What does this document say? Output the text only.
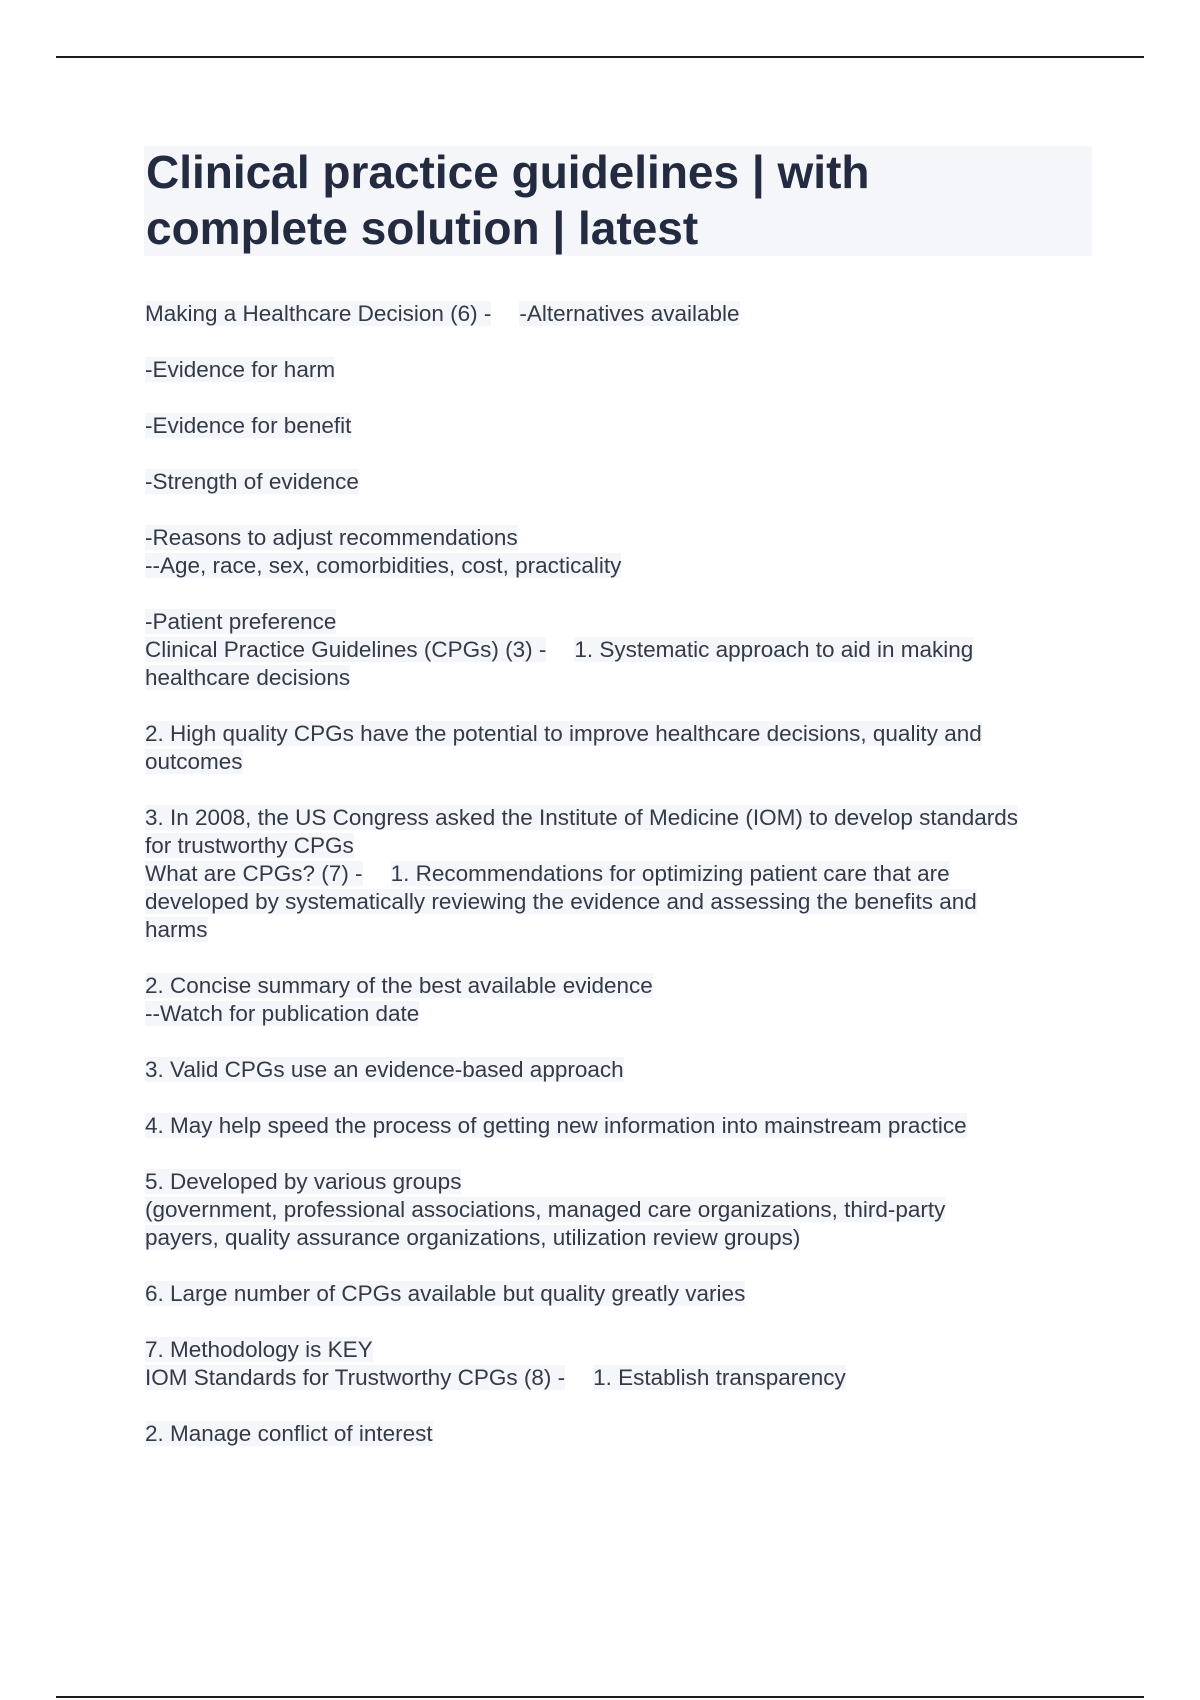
Clinical practice guidelines | with
complete solution | latest
Making a Healthcare Decision (6) - -Alternatives available
-Evidence for harm
-Evidence for benefit
-Strength of evidence
-Reasons to adjust recommendations
--Age, race, sex, comorbidities, cost, practicality
-Patient preference
Clinical Practice Guidelines (CPGs) (3) - 1. Systematic approach to aid in making
healthcare decisions
2. High quality CPGs have the potential to improve healthcare decisions, quality and
outcomes
3. In 2008, the US Congress asked the Institute of Medicine (IOM) to develop standards
for trustworthy CPGs
What are CPGs? (7) - 1. Recommendations for optimizing patient care that are
developed by systematically reviewing the evidence and assessing the benefits and
harms
2. Concise summary of the best available evidence
--Watch for publication date
3. Valid CPGs use an evidence-based approach
4. May help speed the process of getting new information into mainstream practice
5. Developed by various groups
(government, professional associations, managed care organizations, third-party
payers, quality assurance organizations, utilization review groups)
6. Large number of CPGs available but quality greatly varies
7. Methodology is KEY
IOM Standards for Trustworthy CPGs (8) - 1. Establish transparency
2. Manage conflict of interest
